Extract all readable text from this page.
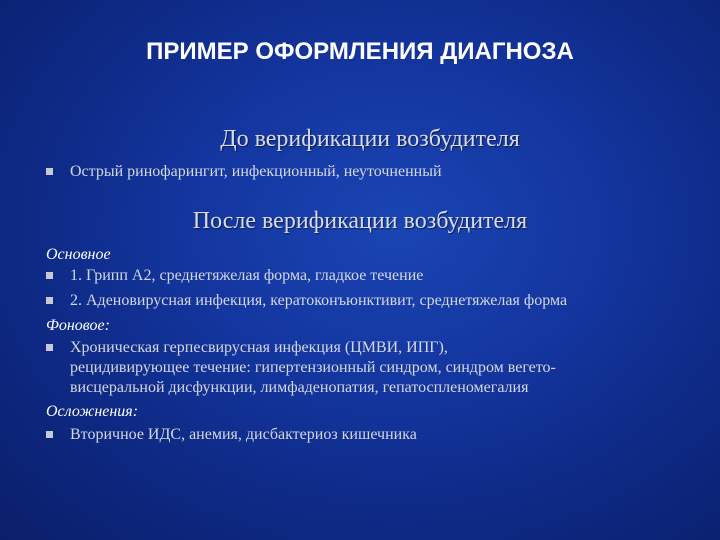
ПРИМЕР ОФОРМЛЕНИЯ ДИАГНОЗА
До верификации возбудителя
Острый ринофарингит, инфекционный, неуточненный
После верификации возбудителя
Основное
1. Грипп А2, среднетяжелая форма, гладкое течение
2. Аденовирусная инфекция, кератоконъюнктивит, среднетяжелая форма
Фоновое:
Хроническая герпесвирусная инфекция (ЦМВИ, ИПГ),
рецидивирующее течение: гипертензионный синдром, синдром вегето-
висцеральной дисфункции, лимфаденопатия, гепатоспленомегалия
Осложнения:
Вторичное ИДС, анемия, дисбактериоз кишечника
